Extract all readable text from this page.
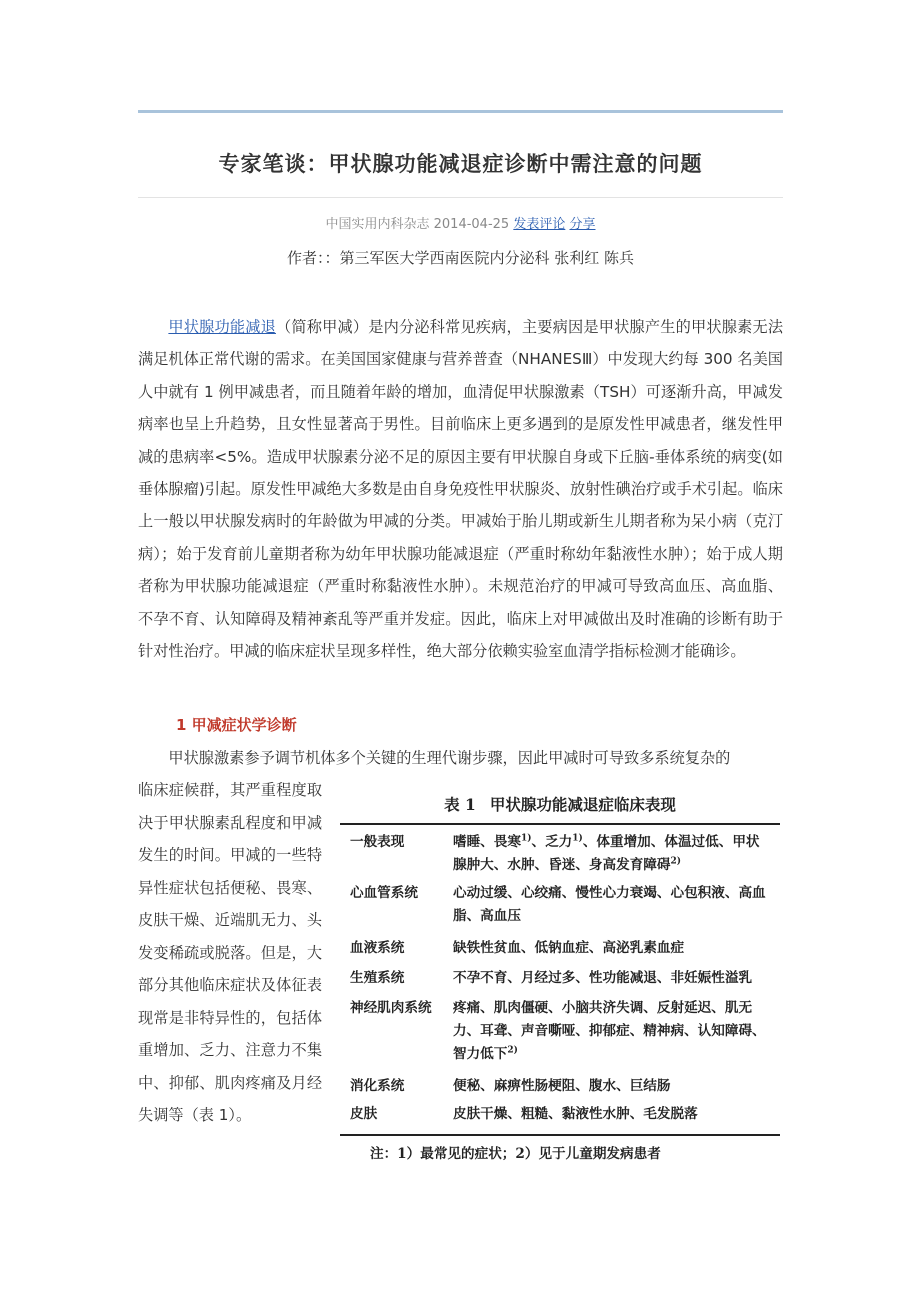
专家笔谈：甲状腺功能减退症诊断中需注意的问题
中国实用内科杂志 2014-04-25 发表评论 分享
作者：：第三军医大学西南医院内分泌科 张利红 陈兵

甲状腺功能减退（简称甲减）是内分泌科常见疾病，主要病因是甲状腺产生的甲状腺素无法满足机体正常代谢的需求。在美国国家健康与营养普查（NHANESⅢ）中发现大约每 300 名美国人中就有 1 例甲减患者，而且随着年龄的增加，血清促甲状腺激素（TSH）可逐渐升高，甲减发病率也呈上升趋势，且女性显著高于男性。目前临床上更多遇到的是原发性甲减患者，继发性甲减的患病率<5%。造成甲状腺素分泌不足的原因主要有甲状腺自身或下丘脑-垂体系统的病变(如垂体腺瘤)引起。原发性甲减绝大多数是由自身免疫性甲状腺炎、放射性碘治疗或手术引起。临床上一般以甲状腺发病时的年龄做为甲减的分类。甲减始于胎儿期或新生儿期者称为呆小病（克汀病）；始于发育前儿童期者称为幼年甲状腺功能减退症（严重时称幼年黏液性水肿）；始于成人期者称为甲状腺功能减退症（严重时称黏液性水肿）。未规范治疗的甲减可导致高血压、高血脂、不孕不育、认知障碍及精神紊乱等严重并发症。因此，临床上对甲减做出及时准确的诊断有助于针对性治疗。甲减的临床症状呈现多样性，绝大部分依赖实验室血清学指标检测才能确诊。

1 甲减症状学诊断

甲状腺激素参予调节机体多个关键的生理代谢步骤，因此甲减时可导致多系统复杂的

临床症候群，其严重程度取决于甲状腺素乱程度和甲减发生的时间。甲减的一些特异性症状包括便秘、畏寒、皮肤干燥、近端肌无力、头发变稀疏或脱落。但是，大部分其他临床症状及体征表现常是非特异性的，包括体重增加、乏力、注意力不集中、抑郁、肌肉疼痛及月经失调等（表 1）。

表 1 甲状腺功能减退症临床表现
一般表现	嗜睡、畏寒$^{1)}$、乏力$^{1)}$、体重增加、体温过低、甲状腺肿大、水肿、昏迷、身高发育障碍$^{2)}$
心血管系统	心动过缓、心绞痛、慢性心力衰竭、心包积液、高血脂、高血压
血液系统	缺铁性贫血、低钠血症、高泌乳素血症
生殖系统	不孕不育、月经过多、性功能减退、非妊娠性溢乳
神经肌肉系统	疼痛、肌肉僵硬、小脑共济失调、反射延迟、肌无力、耳聋、声音嘶哑、抑郁症、精神病、认知障碍、智力低下$^{2)}$
消化系统	便秘、麻痹性肠梗阻、腹水、巨结肠
皮肤	皮肤干燥、粗糙、黏液性水肿、毛发脱落
注：1）最常见的症状；2）见于儿童期发病患者
